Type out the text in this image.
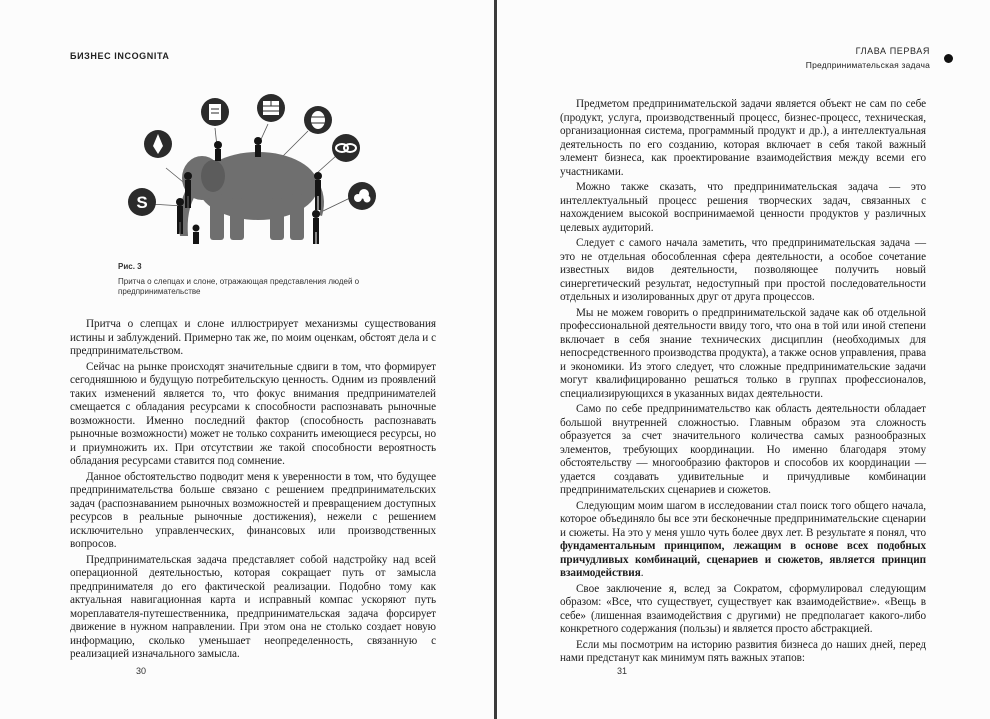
БИЗНЕС INCOGNITA
S
Рис. 3
Притча о слепцах и слоне, отражающая представления людей о предпринимательстве

Притча о слепцах и слоне иллюстрирует механизмы существования истины и заблуждений. Примерно так же, по моим оценкам, обстоят дела и с предпринимательством.

Сейчас на рынке происходят значительные сдвиги в том, что формирует сегодняшнюю и будущую потребительскую ценность. Одним из проявлений таких изменений является то, что фокус внимания предпринимателей смещается с обладания ресурсами к способности распознавать рыночные возможности. Именно последний фактор (способность распознавать рыночные возможности) может не только сохранить имеющиеся ресурсы, но и приумножить их. При отсутствии же такой способности вероятность обладания ресурсами ставится под сомнение.

Данное обстоятельство подводит меня к уверенности в том, что будущее предпринимательства больше связано с решением предпринимательских задач (распознаванием рыночных возможностей и превращением доступных ресурсов в реальные рыночные достижения), нежели с решением исключительно управленческих, финансовых или производственных вопросов.

Предпринимательская задача представляет собой надстройку над всей операционной деятельностью, которая сокращает путь от замысла предпринимателя до его фактической реализации. Подобно тому как актуальная навигационная карта и исправный компас ускоряют путь мореплавателя-путешественника, предпринимательская задача форсирует движение в нужном направлении. При этом она не столько создает новую информацию, сколько уменьшает неопределенность, связанную с реализацией изначального замысла.

30
ГЛАВА ПЕРВАЯ
Предпринимательская задача

Предметом предпринимательской задачи является объект не сам по себе (продукт, услуга, производственный процесс, бизнес-процесс, техническая, организационная система, программный продукт и др.), а интеллектуальная деятельность по его созданию, которая включает в себя такой важный элемент бизнеса, как проектирование взаимодействия между всеми его участниками.

Можно также сказать, что предпринимательская задача — это интеллектуальный процесс решения творческих задач, связанных с нахождением высокой воспринимаемой ценности продуктов у различных целевых аудиторий.

Следует с самого начала заметить, что предпринимательская задача — это не отдельная обособленная сфера деятельности, а особое сочетание известных видов деятельности, позволяющее получить новый синергетический результат, недоступный при простой последовательности отдельных и изолированных друг от друга процессов.

Мы не можем говорить о предпринимательской задаче как об отдельной профессиональной деятельности ввиду того, что она в той или иной степени включает в себя знание технических дисциплин (необходимых для непосредственного производства продукта), а также основ управления, права и экономики. Из этого следует, что сложные предпринимательские задачи могут квалифицированно решаться только в группах профессионалов, специализирующихся в указанных видах деятельности.

Само по себе предпринимательство как область деятельности обладает большой внутренней сложностью. Главным образом эта сложность образуется за счет значительного количества самых разнообразных элементов, требующих координации. Но именно благодаря этому обстоятельству — многообразию факторов и способов их координации — удается создавать удивительные и причудливые комбинации предпринимательских сценариев и сюжетов.

Следующим моим шагом в исследовании стал поиск того общего начала, которое объединяло бы все эти бесконечные предпринимательские сценарии и сюжеты. На это у меня ушло чуть более двух лет. В результате я понял, что фундаментальным принципом, лежащим в основе всех подобных причудливых комбинаций, сценариев и сюжетов, является принцип взаимодействия.

Свое заключение я, вслед за Сократом, сформулировал следующим образом: «Все, что существует, существует как взаимодействие». «Вещь в себе» (лишенная взаимодействия с другими) не предполагает какого-либо конкретного содержания (пользы) и является просто абстракцией.

Если мы посмотрим на историю развития бизнеса до наших дней, перед нами предстанут как минимум пять важных этапов:

31
